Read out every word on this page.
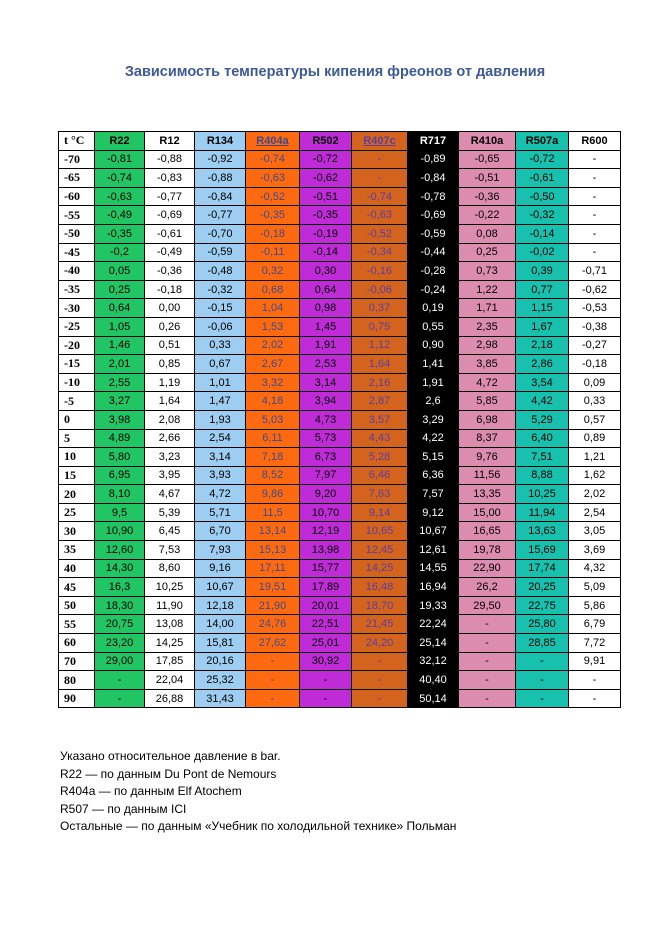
Зависимость температуры кипения фреонов от давления
t °C	R22	R12	R134	R404a	R502	R407c	R717	R410a	R507a	R600
-70	-0,81	-0,88	-0,92	-0,74	-0,72	-	-0,89	-0,65	-0,72	-
-65	-0,74	-0,83	-0,88	-0,63	-0,62	-	-0,84	-0,51	-0,61	-
-60	-0,63	-0,77	-0,84	-0,52	-0,51	-0,74	-0,78	-0,36	-0,50	-
-55	-0,49	-0,69	-0,77	-0,35	-0,35	-0,63	-0,69	-0,22	-0,32	-
-50	-0,35	-0,61	-0,70	-0,18	-0,19	-0,52	-0,59	0,08	-0,14	-
-45	-0,2	-0,49	-0,59	-0,11	-0,14	-0,34	-0,44	0,25	-0,02	-
-40	0,05	-0,36	-0,48	0,32	0,30	-0,16	-0,28	0,73	0,39	-0,71
-35	0,25	-0,18	-0,32	0,68	0,64	-0,06	-0,24	1,22	0,77	-0,62
-30	0,64	0,00	-0,15	1,04	0,98	0,37	0,19	1,71	1,15	-0,53
-25	1,05	0,26	-0,06	1,53	1,45	0,75	0,55	2,35	1,67	-0,38
-20	1,46	0,51	0,33	2,02	1,91	1,12	0,90	2,98	2,18	-0,27
-15	2,01	0,85	0,67	2,67	2,53	1,64	1,41	3,85	2,86	-0,18
-10	2,55	1,19	1,01	3,32	3,14	2,16	1,91	4,72	3,54	0,09
-5	3,27	1,64	1,47	4,18	3,94	2,87	2,6	5,85	4,42	0,33
0	3,98	2,08	1,93	5,03	4,73	3,57	3,29	6,98	5,29	0,57
5	4,89	2,66	2,54	6,11	5,73	4,43	4,22	8,37	6,40	0,89
10	5,80	3,23	3,14	7,18	6,73	5,28	5,15	9,76	7,51	1,21
15	6,95	3,95	3,93	8,52	7,97	6,46	6,36	11,56	8,88	1,62
20	8,10	4,67	4,72	9,86	9,20	7,63	7,57	13,35	10,25	2,02
25	9,5	5,39	5,71	11,5	10,70	9,14	9,12	15,00	11,94	2,54
30	10,90	6,45	6,70	13,14	12,19	10,65	10,67	16,65	13,63	3,05
35	12,60	7,53	7,93	15,13	13,98	12,45	12,61	19,78	15,69	3,69
40	14,30	8,60	9,16	17,11	15,77	14,25	14,55	22,90	17,74	4,32
45	16,3	10,25	10,67	19,51	17,89	16,48	16,94	26,2	20,25	5,09
50	18,30	11,90	12,18	21,90	20,01	18,70	19,33	29,50	22,75	5,86
55	20,75	13,08	14,00	24,76	22,51	21,45	22,24	-	25,80	6,79
60	23,20	14,25	15,81	27,62	25,01	24,20	25,14	-	28,85	7,72
70	29,00	17,85	20,16	-	30,92	-	32,12	-	-	9,91
80	-	22,04	25,32	-	-	-	40,40	-	-	-
90	-	26,88	31,43	-	-	-	50,14	-	-	-
Указано относительное давление в bar.
R22 — по данным Du Pont de Nemours
R404a — по данным Elf Atochem
R507 — по данным ICI
Остальные — по данным «Учебник по холодильной технике» Польман
